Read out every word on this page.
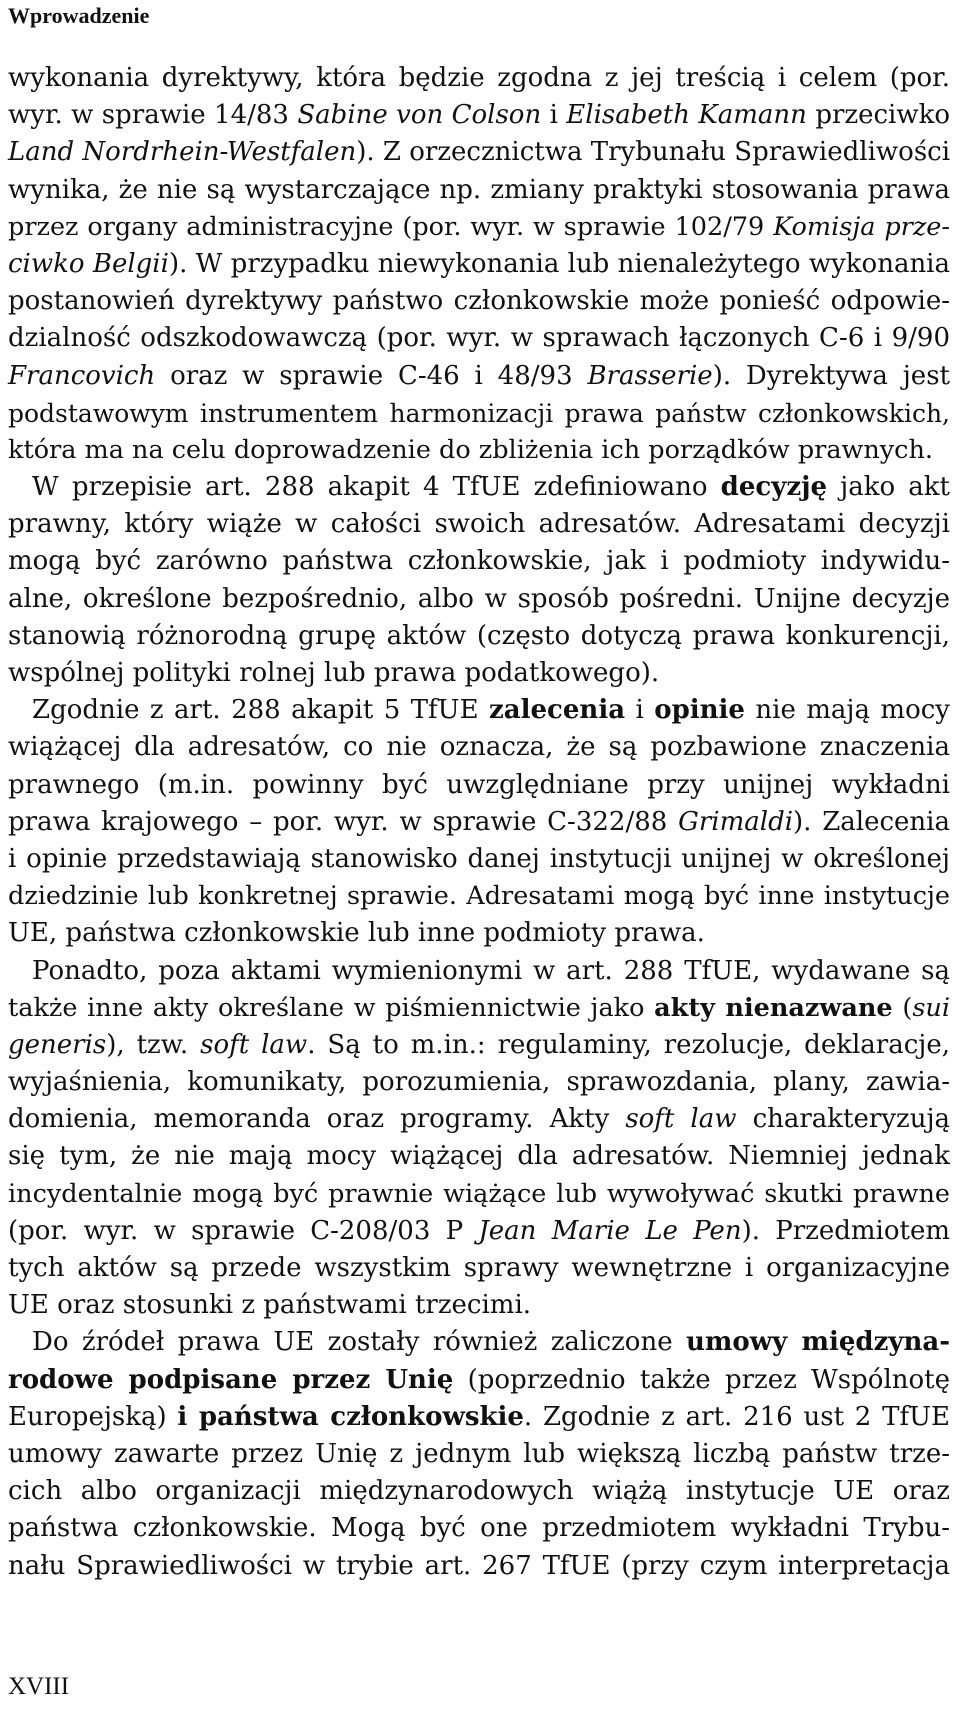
Wprowadzenie
wykonania dyrektywy, która będzie zgodna z jej treścią i celem (por.
wyr. w sprawie 14/83 Sabine von Colson i Elisabeth Kamann przeciwko
Land Nordrhein-Westfalen). Z orzecznictwa Trybunału Sprawiedliwości
wynika, że nie są wystarczające np. zmiany praktyki stosowania prawa
przez organy administracyjne (por. wyr. w sprawie 102/79 Komisja prze-
ciwko Belgii). W przypadku niewykonania lub nienależytego wykonania
postanowień dyrektywy państwo członkowskie może ponieść odpowie-
dzialność odszkodowawczą (por. wyr. w sprawach łączonych C-6 i 9/90
Francovich oraz w sprawie C-46 i 48/93 Brasserie). Dyrektywa jest
podstawowym instrumentem harmonizacji prawa państw członkowskich,
która ma na celu doprowadzenie do zbliżenia ich porządków prawnych.
W przepisie art. 288 akapit 4 TfUE zdefiniowano decyzję jako akt
prawny, który wiąże w całości swoich adresatów. Adresatami decyzji
mogą być zarówno państwa członkowskie, jak i podmioty indywidu-
alne, określone bezpośrednio, albo w sposób pośredni. Unijne decyzje
stanowią różnorodną grupę aktów (często dotyczą prawa konkurencji,
wspólnej polityki rolnej lub prawa podatkowego).
Zgodnie z art. 288 akapit 5 TfUE zalecenia i opinie nie mają mocy
wiążącej dla adresatów, co nie oznacza, że są pozbawione znaczenia
prawnego (m.in. powinny być uwzględniane przy unijnej wykładni
prawa krajowego – por. wyr. w sprawie C-322/88 Grimaldi). Zalecenia
i opinie przedstawiają stanowisko danej instytucji unijnej w określonej
dziedzinie lub konkretnej sprawie. Adresatami mogą być inne instytucje
UE, państwa członkowskie lub inne podmioty prawa.
Ponadto, poza aktami wymienionymi w art. 288 TfUE, wydawane są
także inne akty określane w piśmiennictwie jako akty nienazwane (sui
generis), tzw. soft law. Są to m.in.: regulaminy, rezolucje, deklaracje,
wyjaśnienia, komunikaty, porozumienia, sprawozdania, plany, zawia-
domienia, memoranda oraz programy. Akty soft law charakteryzują
się tym, że nie mają mocy wiążącej dla adresatów. Niemniej jednak
incydentalnie mogą być prawnie wiążące lub wywoływać skutki prawne
(por. wyr. w sprawie C-208/03 P Jean Marie Le Pen). Przedmiotem
tych aktów są przede wszystkim sprawy wewnętrzne i organizacyjne
UE oraz stosunki z państwami trzecimi.
Do źródeł prawa UE zostały również zaliczone umowy międzyna-
rodowe podpisane przez Unię (poprzednio także przez Wspólnotę
Europejską) i państwa członkowskie. Zgodnie z art. 216 ust 2 TfUE
umowy zawarte przez Unię z jednym lub większą liczbą państw trze-
cich albo organizacji międzynarodowych wiążą instytucje UE oraz
państwa członkowskie. Mogą być one przedmiotem wykładni Trybu-
nału Sprawiedliwości w trybie art. 267 TfUE (przy czym interpretacja
XVIII
